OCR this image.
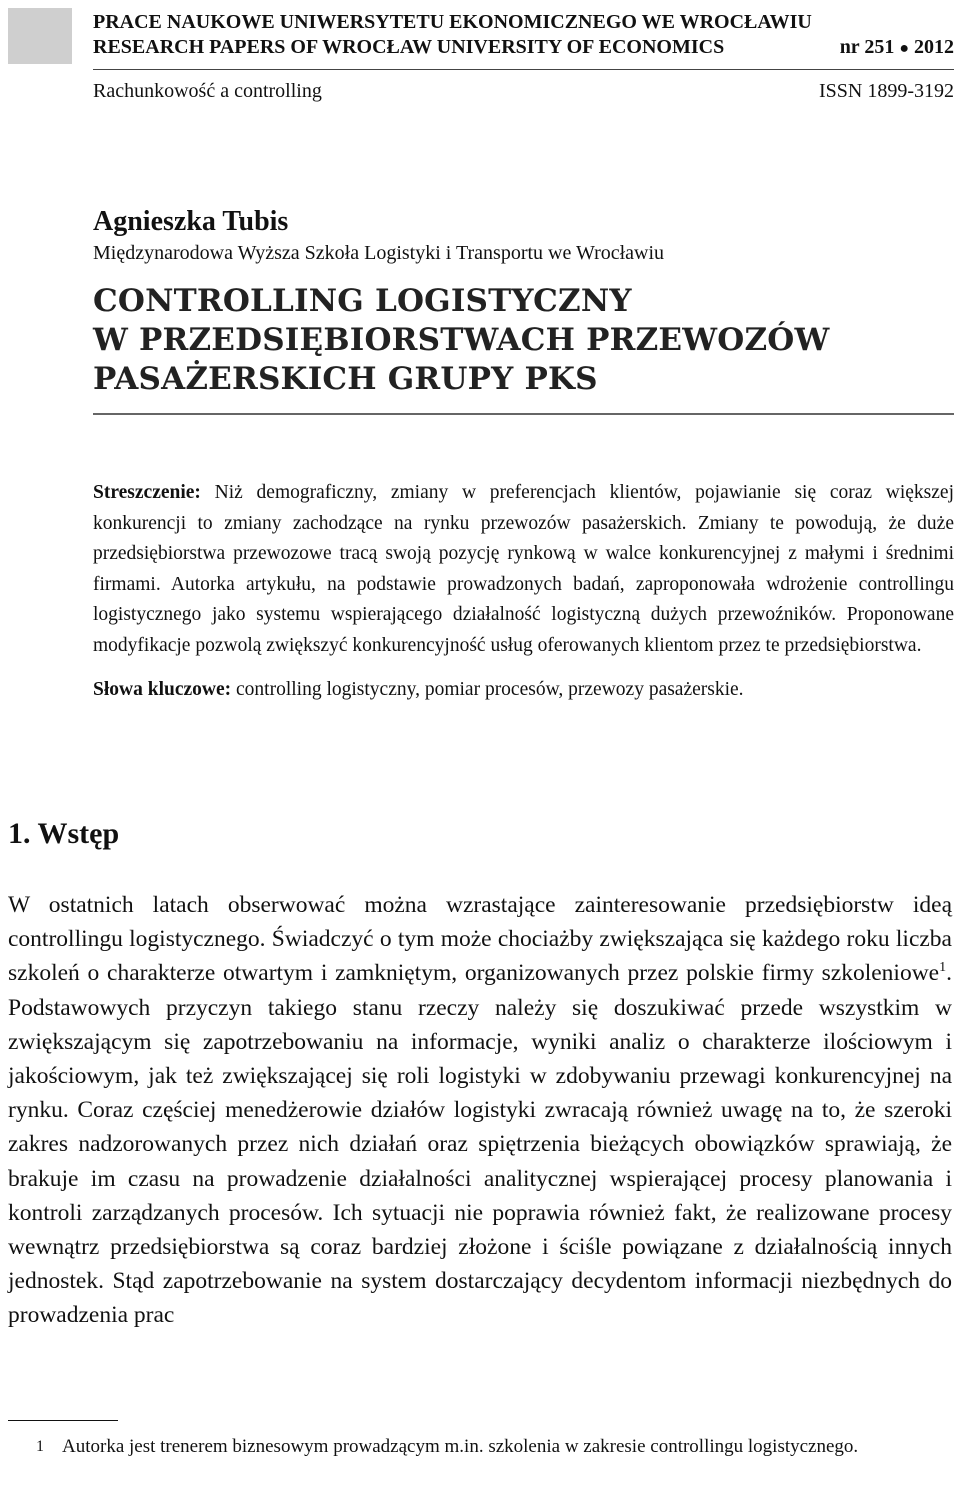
PRACE NAUKOWE UNIWERSYTETU EKONOMICZNEGO WE WROCŁAWIU
RESEARCH PAPERS OF WROCŁAW UNIVERSITY OF ECONOMICS	nr 251 ● 2012
Rachunkowość a controlling	ISSN 1899-3192
Agnieszka Tubis
Międzynarodowa Wyższa Szkoła Logistyki i Transportu we Wrocławiu
CONTROLLING LOGISTYCZNY
W PRZEDSIĘBIORSTWACH PRZEWOZÓW
PASAŻERSKICH GRUPY PKS
Streszczenie: Niż demograficzny, zmiany w preferencjach klientów, pojawianie się coraz większej konkurencji to zmiany zachodzące na rynku przewozów pasażerskich. Zmiany te powodują, że duże przedsiębiorstwa przewozowe tracą swoją pozycję rynkową w walce konkurencyjnej z małymi i średnimi firmami. Autorka artykułu, na podstawie prowadzonych badań, zaproponowała wdrożenie controllingu logistycznego jako systemu wspierającego działalność logistyczną dużych przewoźników. Proponowane modyfikacje pozwolą zwiększyć konkurencyjność usług oferowanych klientom przez te przedsiębiorstwa.
Słowa kluczowe: controlling logistyczny, pomiar procesów, przewozy pasażerskie.
1. Wstęp
W ostatnich latach obserwować można wzrastające zainteresowanie przedsiębiorstw ideą controllingu logistycznego. Świadczyć o tym może chociażby zwiększająca się każdego roku liczba szkoleń o charakterze otwartym i zamkniętym, organizowanych przez polskie firmy szkoleniowe$^1$. Podstawowych przyczyn takiego stanu rzeczy należy się doszukiwać przede wszystkim w zwiększającym się zapotrzebowaniu na informacje, wyniki analiz o charakterze ilościowym i jakościowym, jak też zwiększającej się roli logistyki w zdobywaniu przewagi konkurencyjnej na rynku. Coraz częściej menedżerowie działów logistyki zwracają również uwagę na to, że szeroki zakres nadzorowanych przez nich działań oraz spiętrzenia bieżących obowiązków sprawiają, że brakuje im czasu na prowadzenie działalności analitycznej wspierającej procesy planowania i kontroli zarządzanych procesów. Ich sytuacji nie poprawia również fakt, że realizowane procesy wewnątrz przedsiębiorstwa są coraz bardziej złożone i ściśle powiązane z działalnością innych jednostek. Stąd zapotrzebowanie na system dostarczający decydentom informacji niezbędnych do prowadzenia prac
1 Autorka jest trenerem biznesowym prowadzącym m.in. szkolenia w zakresie controllingu logistycznego.
